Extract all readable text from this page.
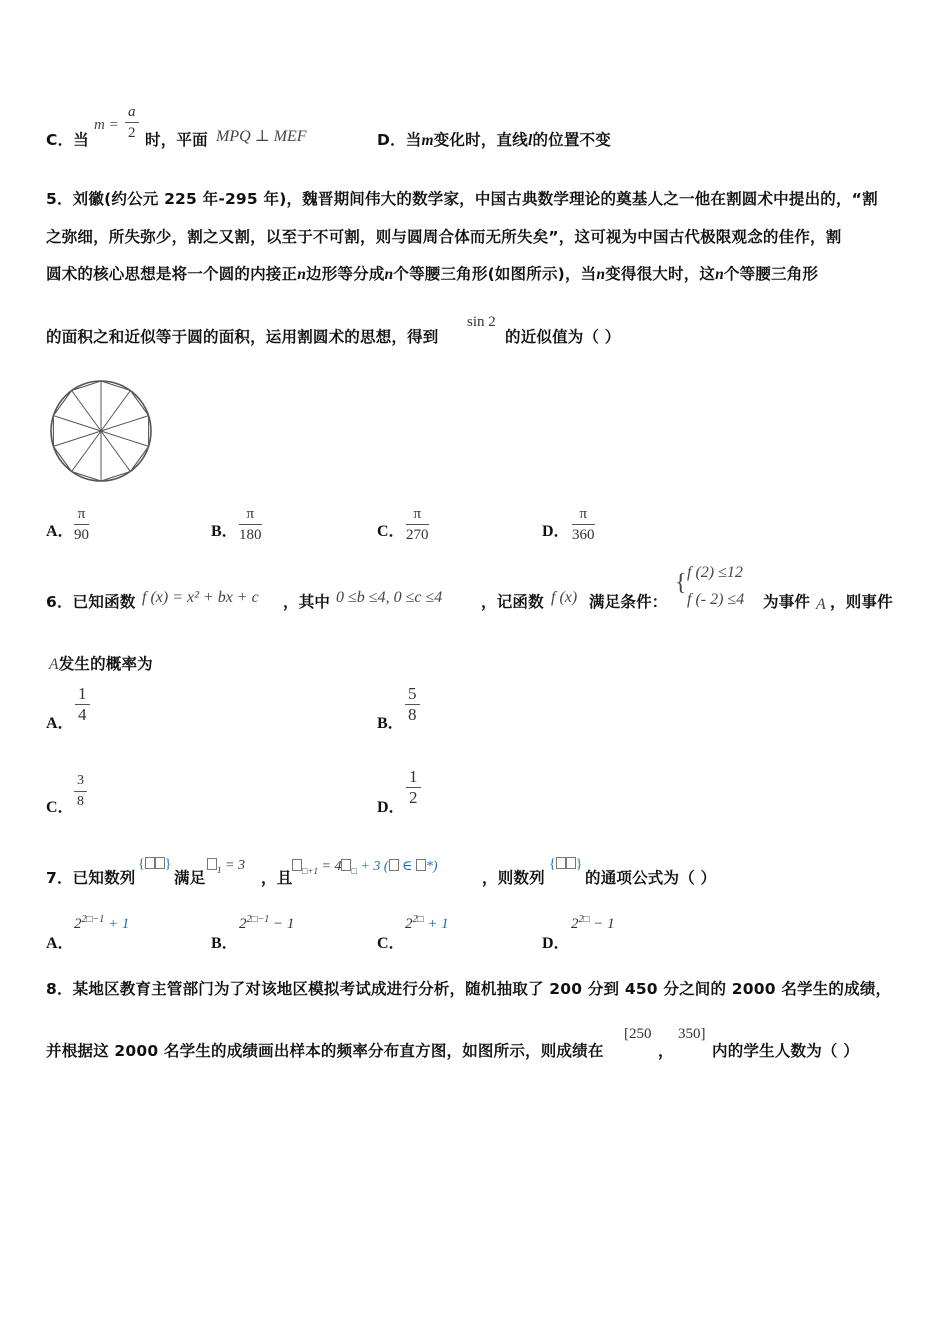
C．当
m =
a
2 时，平面 MPQ ⊥ MEF	D．当m变化时，直线l的位置不变
5．刘徽(约公元 225 年-295 年)，魏晋期间伟大的数学家，中国古典数学理论的奠基人之一他在割圆术中提出的，“割
之弥细，所失弥少，割之又割，以至于不可割，则与圆周合体而无所失矣”，这可视为中国古代极限观念的佳作，割
圆术的核心思想是将一个圆的内接正n边形等分成n个等腰三角形(如图所示)，当n变得很大时，这n个等腰三角形
的面积之和近似等于圆的面积，运用割圆术的思想，得到
sin 2
的近似值为（ ）
A．
π
90	B．
π
180	C．
π
270	D．
π
360
6．已知函数 f (x) = x² + bx + c ，其中 0 ≤b ≤4, 0 ≤c ≤4	，记函数 f (x) 满足条件：
{ f (2) ≤12
f (- 2) ≤4 为事件 A ，则事件
A发生的概率为
A．
1
4	B．
5
8
C．
3
8	D．
1
2
7．已知数列
{ }
满足	$_1$ = 3
，且	$_{□+1}$ = 4 $_□$ + 3 ( ∈ *)
，则数列
{ }
的通项公式为（ ）
A．
$2^{2□-1} + 1$
B．
$2^{2□-1} - 1$
C．
$2^{2□} + 1$
D．
$2^{2□} - 1$
8．某地区教育主管部门为了对该地区模拟考试成进行分析，随机抽取了 200 分到 450 分之间的 2000 名学生的成绩，
并根据这 2000 名学生的成绩画出样本的频率分布直方图，如图所示，则成绩在
[250
，
350]
内的学生人数为（ ）
